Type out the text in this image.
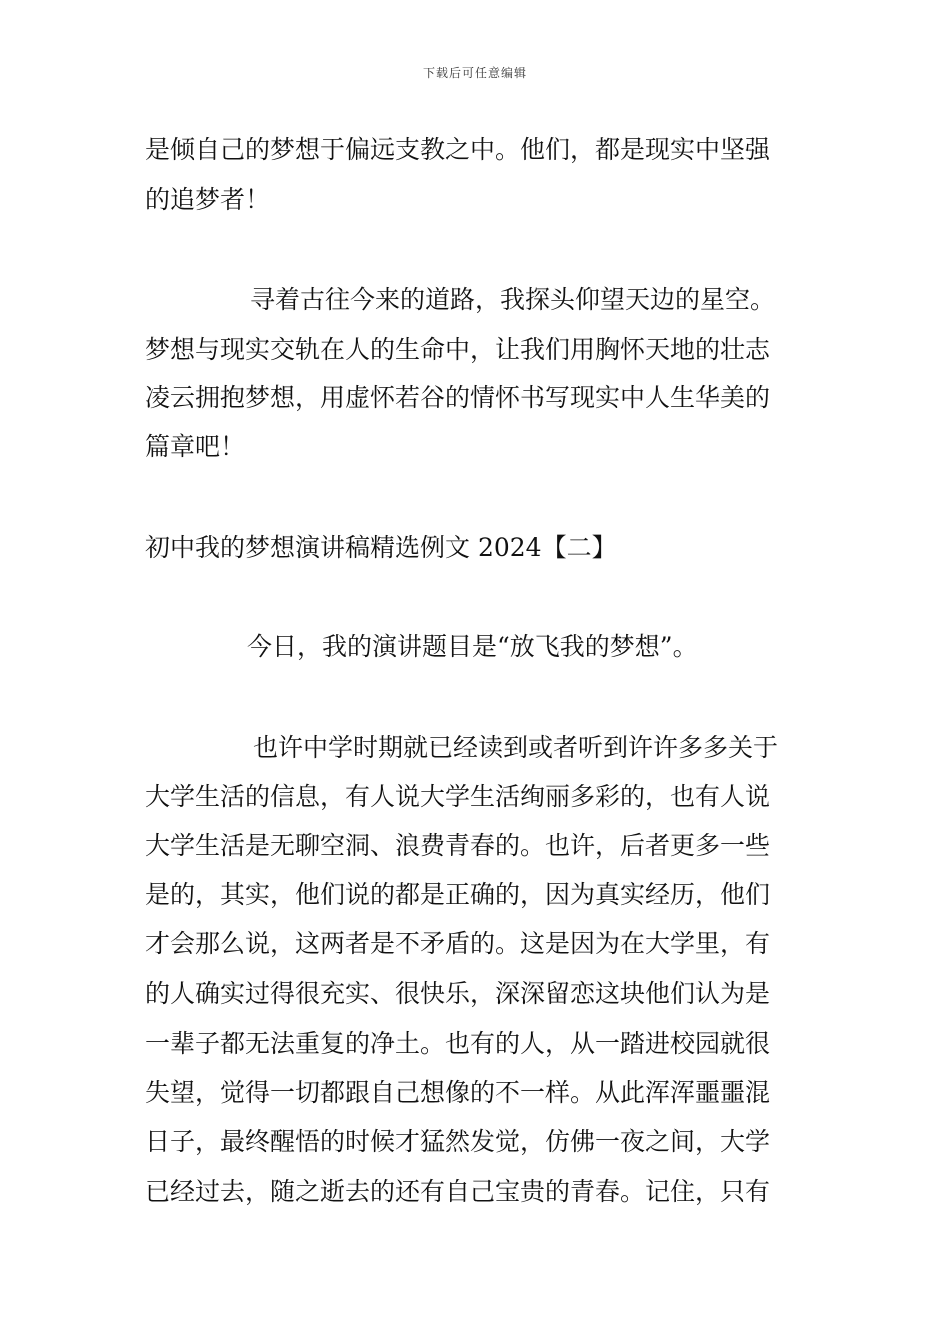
下载后可任意编辑
是倾自己的梦想于偏远支教之中。他们，都是现实中坚强
的追梦者！
寻着古往今来的道路，我探头仰望天边的星空。
梦想与现实交轨在人的生命中，让我们用胸怀天地的壮志
凌云拥抱梦想，用虚怀若谷的情怀书写现实中人生华美的
篇章吧！
初中我的梦想演讲稿精选例文 2024【二】
今日，我的演讲题目是“放飞我的梦想”。
也许中学时期就已经读到或者听到许许多多关于
大学生活的信息，有人说大学生活绚丽多彩的，也有人说
大学生活是无聊空洞、浪费青春的。也许，后者更多一些
是的，其实，他们说的都是正确的，因为真实经历，他们
才会那么说，这两者是不矛盾的。这是因为在大学里，有
的人确实过得很充实、很快乐，深深留恋这块他们认为是
一辈子都无法重复的净土。也有的人，从一踏进校园就很
失望，觉得一切都跟自己想像的不一样。从此浑浑噩噩混
日子，最终醒悟的时候才猛然发觉，仿佛一夜之间，大学
已经过去，随之逝去的还有自己宝贵的青春。记住，只有
